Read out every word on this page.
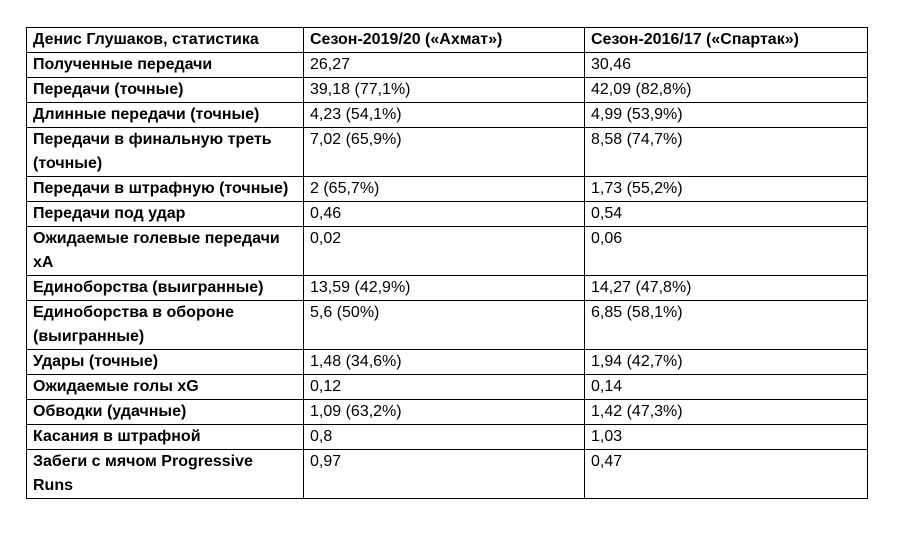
Денис Глушаков, статистика	Сезон-2019/20 («Ахмат»)	Сезон-2016/17 («Спартак»)
Полученные передачи	26,27	30,46
Передачи (точные)	39,18 (77,1%)	42,09 (82,8%)
Длинные передачи (точные)	4,23 (54,1%)	4,99 (53,9%)
Передачи в финальную треть (точные)	7,02 (65,9%)	8,58 (74,7%)
Передачи в штрафную (точные)	2 (65,7%)	1,73 (55,2%)
Передачи под удар	0,46	0,54
Ожидаемые голевые передачи xA	0,02	0,06
Единоборства (выигранные)	13,59 (42,9%)	14,27 (47,8%)
Единоборства в обороне (выигранные)	5,6 (50%)	6,85 (58,1%)
Удары (точные)	1,48 (34,6%)	1,94 (42,7%)
Ожидаемые голы xG	0,12	0,14
Обводки (удачные)	1,09 (63,2%)	1,42 (47,3%)
Касания в штрафной	0,8	1,03
Забеги с мячом Progressive Runs	0,97	0,47
